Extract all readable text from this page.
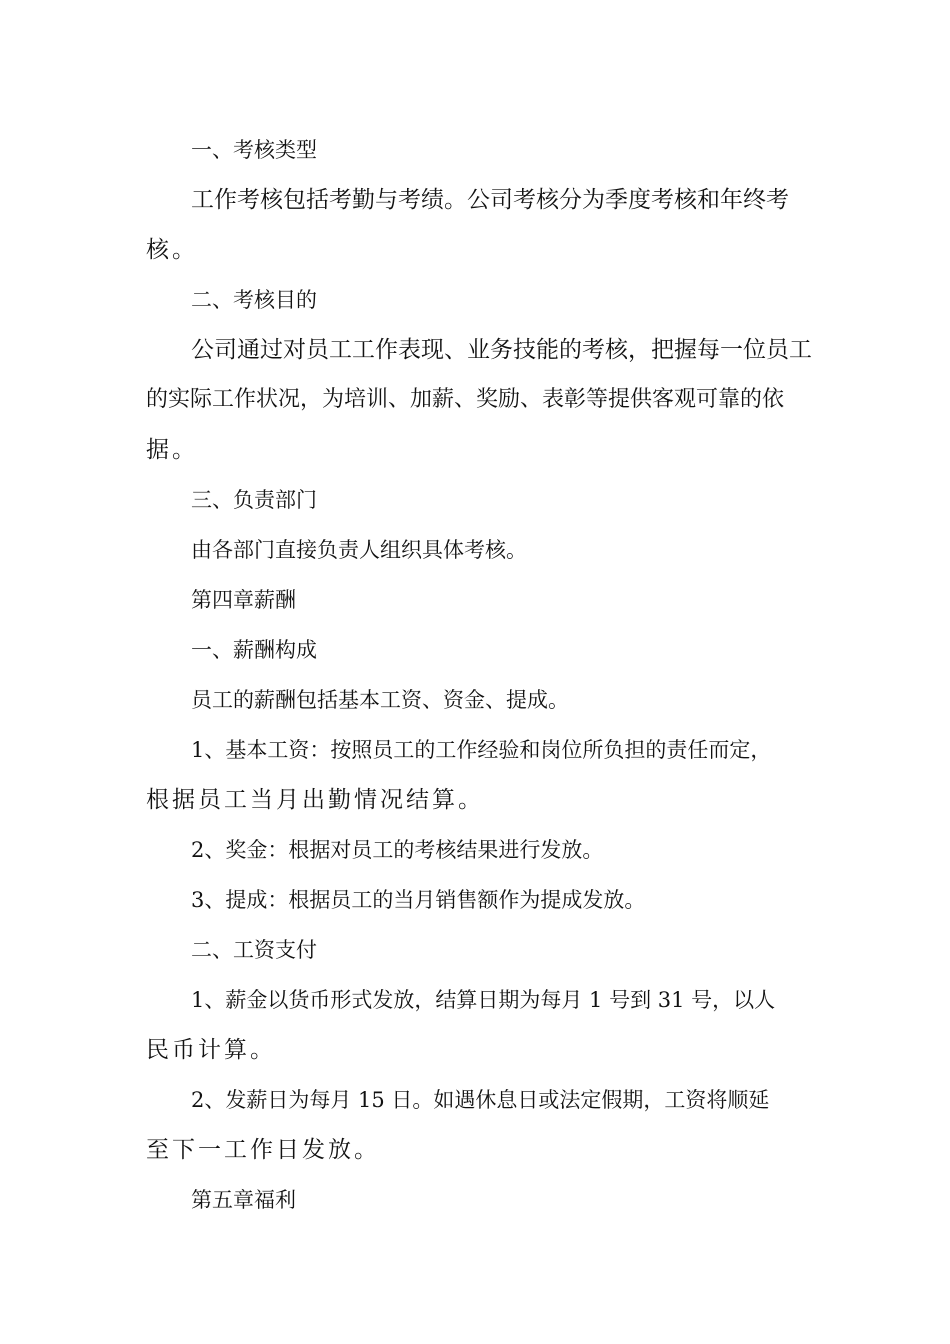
一、考核类型
工作考核包括考勤与考绩。公司考核分为季度考核和年终考
核。
二、考核目的
公司通过对员工工作表现、业务技能的考核，把握每一位员工
的实际工作状况，为培训、加薪、奖励、表彰等提供客观可靠的依
据。
三、负责部门
由各部门直接负责人组织具体考核。
第四章薪酬
一、薪酬构成
员工的薪酬包括基本工资、资金、提成。
1、基本工资：按照员工的工作经验和岗位所负担的责任而定，
根据员工当月出勤情况结算。
2、奖金：根据对员工的考核结果进行发放。
3、提成：根据员工的当月销售额作为提成发放。
二、工资支付
1、薪金以货币形式发放，结算日期为每月 1 号到 31 号，以人
民币计算。
2、发薪日为每月 15 日。如遇休息日或法定假期，工资将顺延
至下一工作日发放。
第五章福利
